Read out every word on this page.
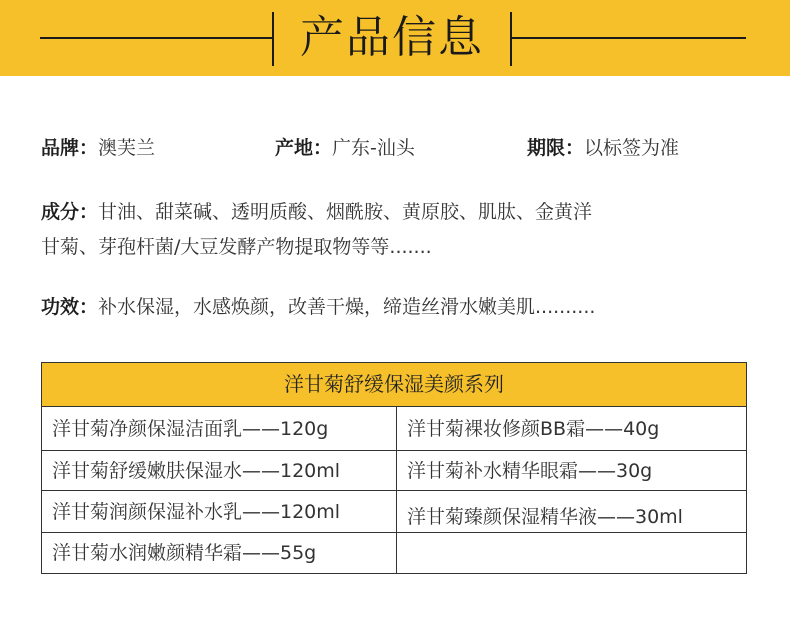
产品信息
品牌：澳芙兰	产地：广东-汕头	期限：以标签为准
成分：甘油、甜菜碱、透明质酸、烟酰胺、黄原胶、肌肽、金黄洋
甘菊、芽孢杆菌/大豆发酵产物提取物等等.......
功效：补水保湿，水感焕颜，改善干燥，缔造丝滑水嫩美肌..........
洋甘菊舒缓保湿美颜系列
洋甘菊净颜保湿洁面乳——120g	洋甘菊裸妆修颜BB霜——40g
洋甘菊舒缓嫩肤保湿水——120ml	洋甘菊补水精华眼霜——30g
洋甘菊润颜保湿补水乳——120ml	洋甘菊臻颜保湿精华液——30ml
洋甘菊水润嫩颜精华霜——55g
